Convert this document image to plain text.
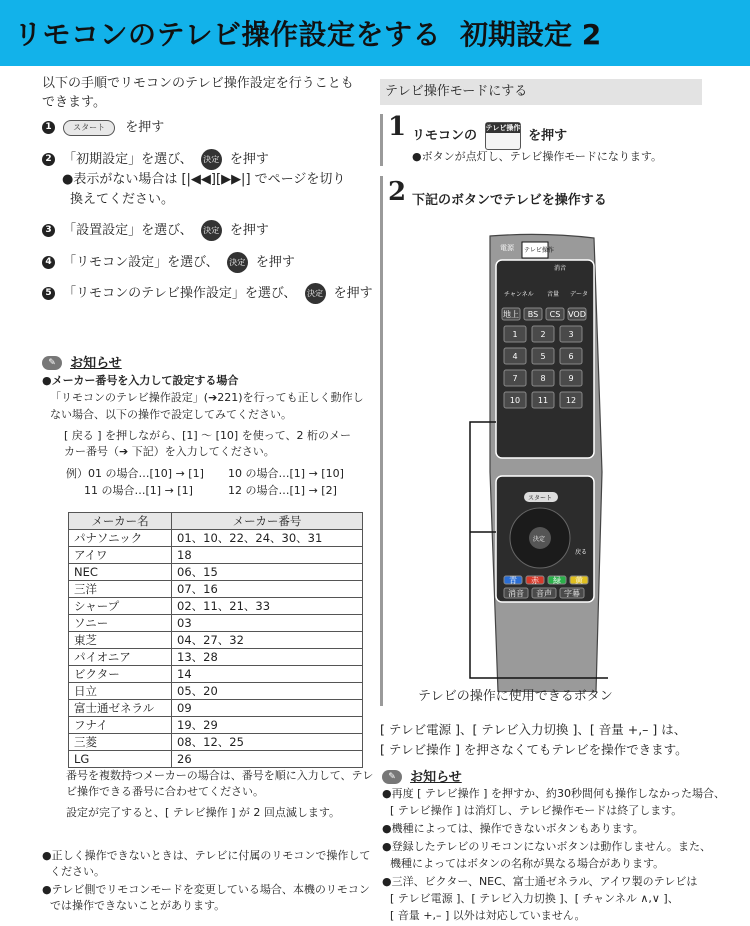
リモコンのテレビ操作設定をする 初期設定 2
以下の手順でリモコンのテレビ操作設定を行うことも
できます。
1	スタート を押す
2 「初期設定」を選び、 決定 を押す
●表示がない場合は [|◀◀][▶▶|] でページを切り
換えてください。
3 「設置設定」を選び、 決定 を押す
4 「リモコン設定」を選び、 決定 を押す
5 「リモコンのテレビ操作設定」を選び、 決定 を押す
✎ お知らせ
●メーカー番号を入力して設定する場合
「リモコンのテレビ操作設定」(➔221)を行っても正しく動作し
ない場合、以下の操作で設定してみてください。
[ 戻る ] を押しながら、[1] ～ [10] を使って、2 桁のメー
カー番号（➔ 下記）を入力してください。
例）01 の場合…[10] → [1] 10 の場合…[1] → [10]
11 の場合…[1] → [1]	12 の場合…[1] → [2]
メーカー名	メーカー番号
パナソニック	01、10、22、24、30、31
アイワ	18
NEC	06、15
三洋	07、16
シャープ	02、11、21、33
ソニー	03
東芝	04、27、32
パイオニア	13、28
ビクター	14
日立	05、20
富士通ゼネラル	09
フナイ	19、29
三菱	08、12、25
LG	26
番号を複数持つメーカーの場合は、番号を順に入力して、テレ
ビ操作できる番号に合わせてください。
設定が完了すると、[ テレビ操作 ] が 2 回点滅します。
●正しく操作できないときは、テレビに付属のリモコンで操作して
ください。
●テレビ側でリモコンモードを変更している場合、本機のリモコン
では操作できないことがあります。
テレビ操作モードにする
1 リモコンの
テレビ操作
を押す
●ボタンが点灯し、テレビ操作モードになります。
2 下記のボタンでテレビを操作する
電源 テレビ操作
消音
チャンネル 音量 データ
地上 BS CS VOD
1	2	3
4	5	6
7	8	9
10 11 12
決定
スタート
戻る
青 赤 緑 黄
消音 音声 字幕
テレビの操作に使用できるボタン
[ テレビ電源 ]、[ テレビ入力切換 ]、[ 音量 +,– ] は、
[ テレビ操作 ] を押さなくてもテレビを操作できます。
✎ お知らせ
●再度 [ テレビ操作 ] を押すか、約30秒間何も操作しなかった場合、
[ テレビ操作 ] は消灯し、テレビ操作モードは終了します。
●機種によっては、操作できないボタンもあります。
●登録したテレビのリモコンにないボタンは動作しません。また、
機種によってはボタンの名称が異なる場合があります。
●三洋、ビクター、NEC、富士通ゼネラル、アイワ製のテレビは
[ テレビ電源 ]、[ テレビ入力切換 ]、[ チャンネル ∧,∨ ]、
[ 音量 +,– ] 以外は対応していません。
